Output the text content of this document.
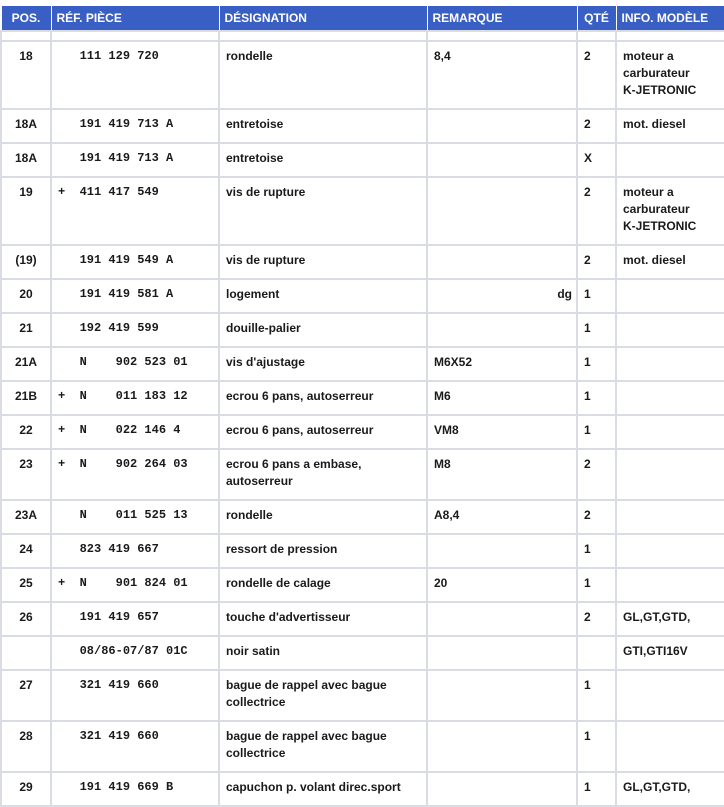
POS.	RÉF. PIÈCE	DÉSIGNATION	REMARQUE	QTÉ	INFO. MODÈLE

18	111 129 720	rondelle	8,4	2	moteur a
carburateur
K-JETRONIC
18A	191 419 713 A	entretoise		2	mot. diesel
18A	191 419 713 A	entretoise		X	
19	+ 411 417 549	vis de rupture		2	moteur a
carburateur
K-JETRONIC
(19)	191 419 549 A	vis de rupture		2	mot. diesel
20	191 419 581 A	logement	dg	1	
21	192 419 599	douille-palier		1	
21A	N    902 523 01	vis d'ajustage	M6X52	1	
21B	+ N    011 183 12	ecrou 6 pans, autoserreur	M6	1	
22	+ N    022 146 4	ecrou 6 pans, autoserreur	VM8	1	
23	+ N    902 264 03	ecrou 6 pans a embase,
autoserreur	M8	2	
23A	N    011 525 13	rondelle	A8,4	2	
24	823 419 667	ressort de pression		1	
25	+ N    901 824 01	rondelle de calage	20	1	
26	191 419 657	touche d'advertisseur		2	GL,GT,GTD,
	08/86-07/87 01C	noir satin			GTI,GTI16V
27	321 419 660	bague de rappel avec bague
collectrice		1	
28	321 419 660	bague de rappel avec bague
collectrice		1	
29	191 419 669 B	capuchon p. volant direc.sport		1	GL,GT,GTD,
